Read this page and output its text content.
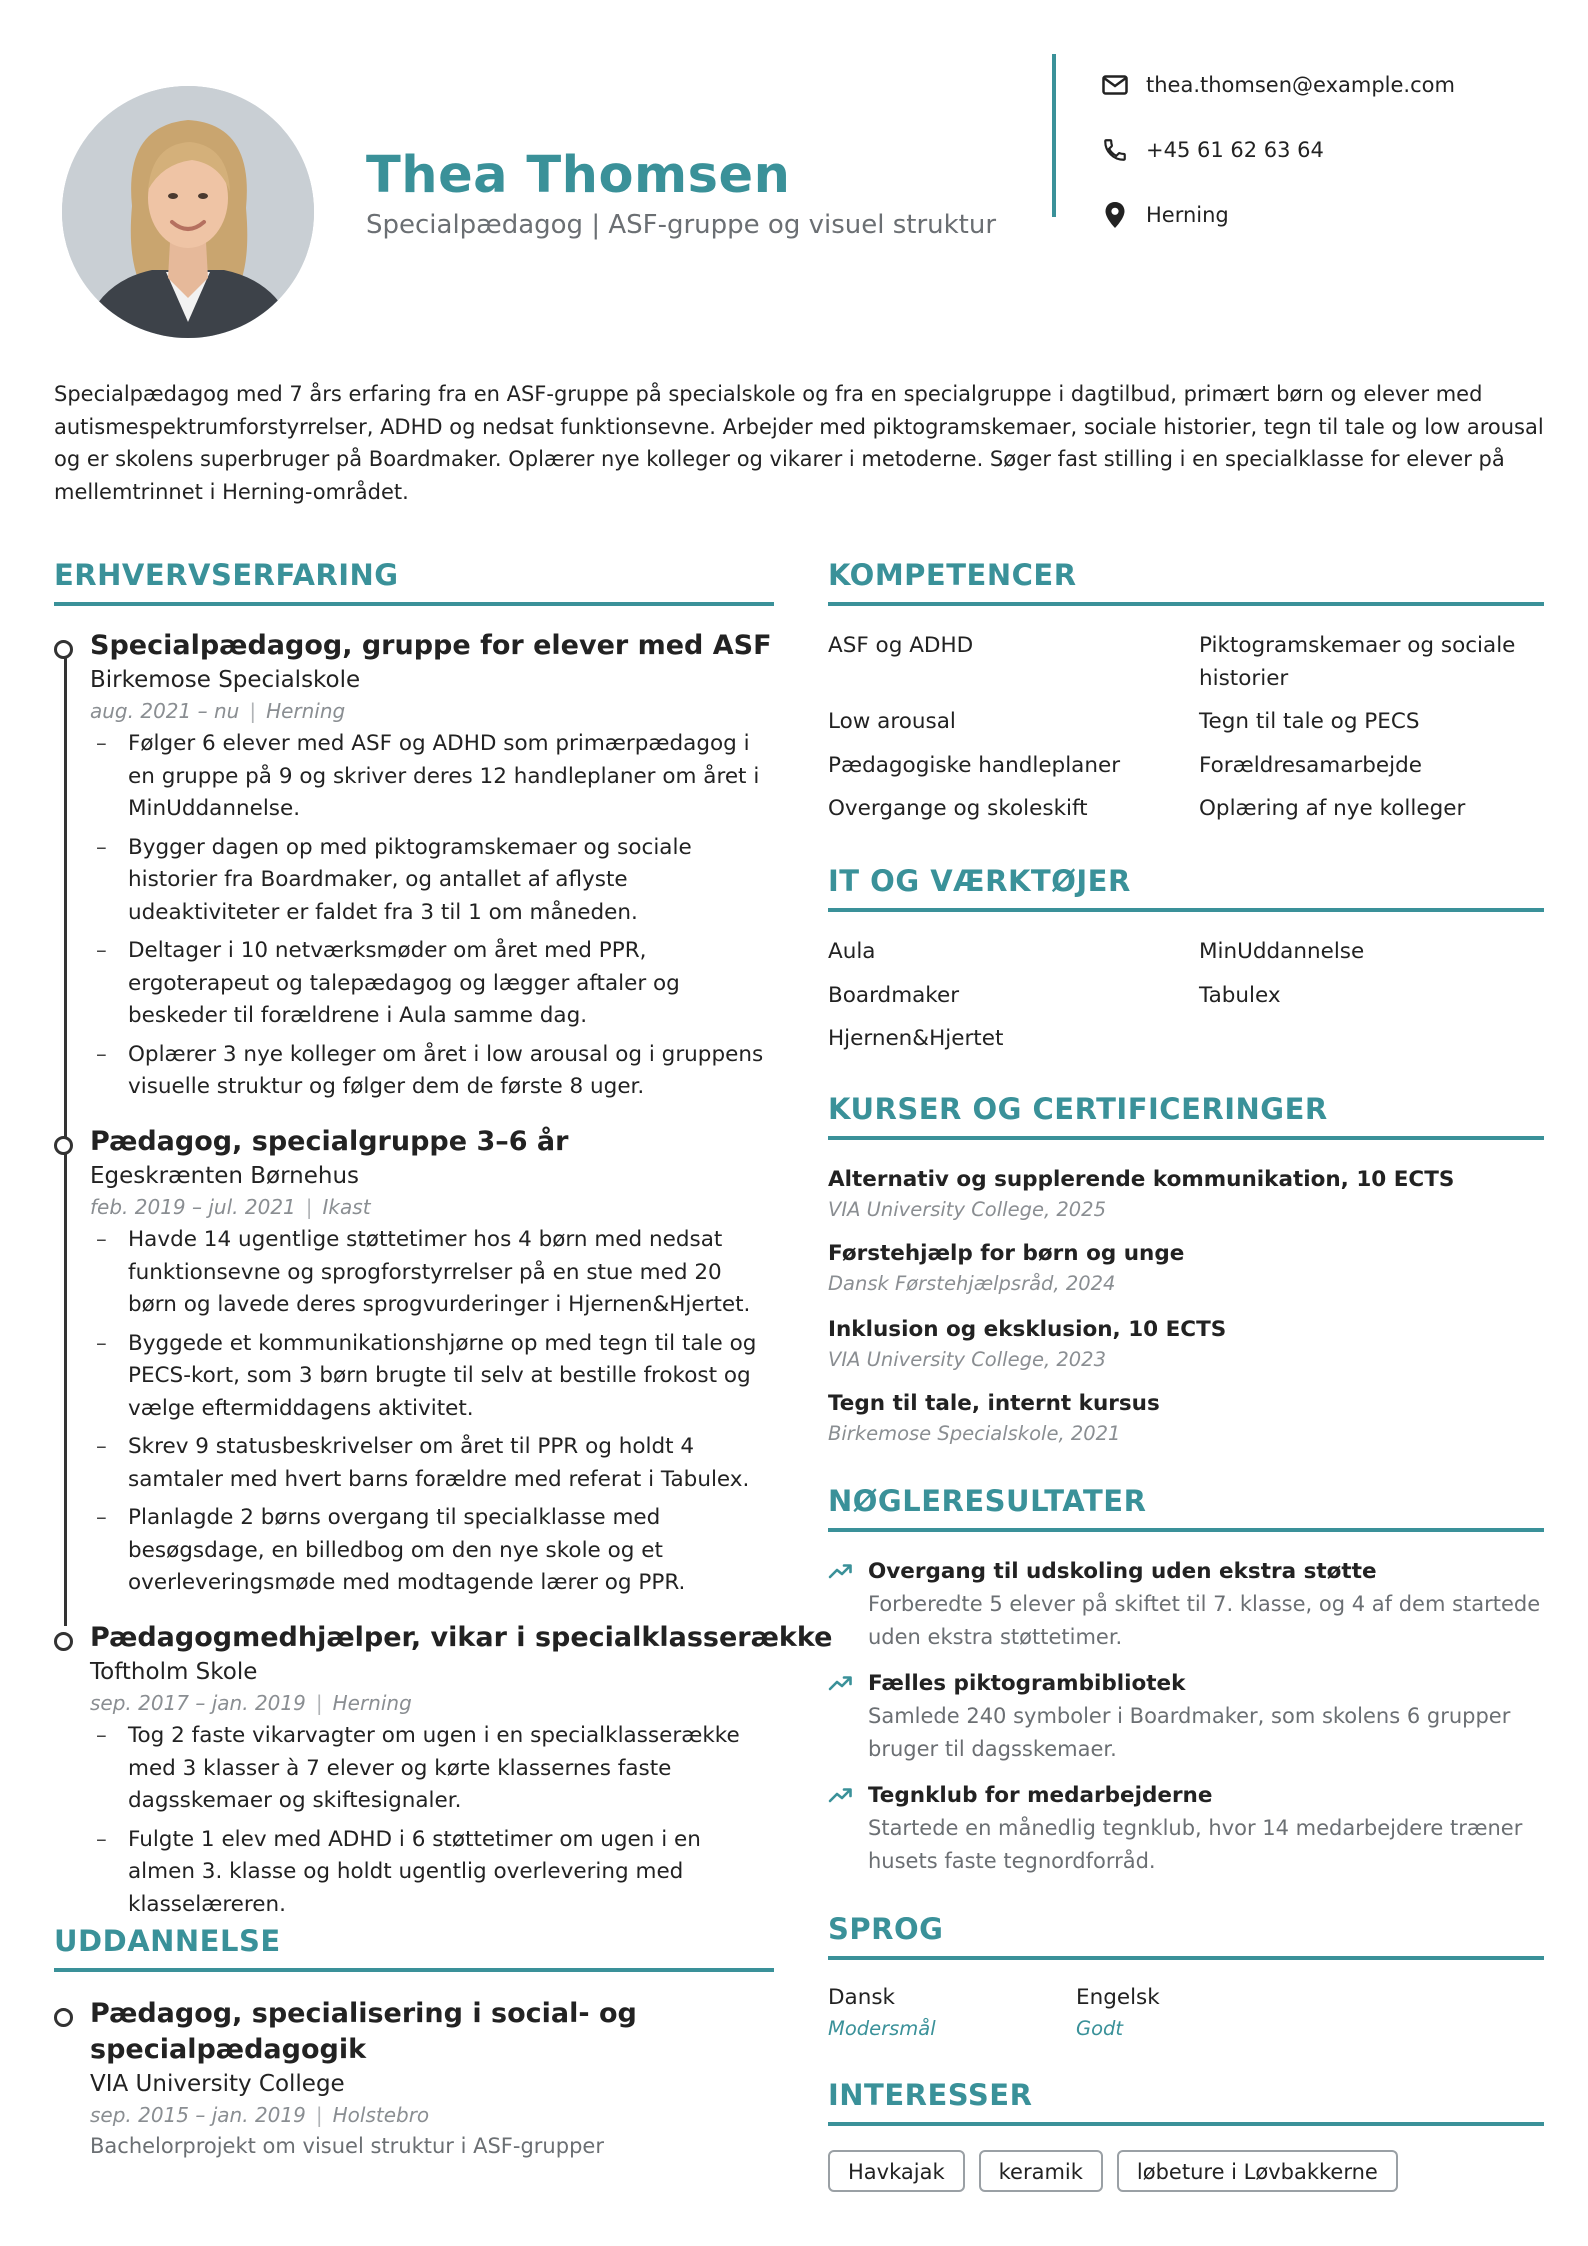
Thea Thomsen
Specialpædagog | ASF-gruppe og visuel struktur
thea.thomsen@example.com
+45 61 62 63 64
Herning
Specialpædagog med 7 års erfaring fra en ASF-gruppe på specialskole og fra en specialgruppe i dagtilbud, primært børn og elever med autismespektrumforstyrrelser, ADHD og nedsat funktionsevne. Arbejder med piktogramskemaer, sociale historier, tegn til tale og low arousal og er skolens superbruger på Boardmaker. Oplærer nye kolleger og vikarer i metoderne. Søger fast stilling i en specialklasse for elever på mellemtrinnet i Herning-området.
ERHVERVSERFARING
Specialpædagog, gruppe for elever med ASF
Birkemose Specialskole
aug. 2021 – nu | Herning
– Følger 6 elever med ASF og ADHD som primærpædagog i en gruppe på 9 og skriver deres 12 handleplaner om året i MinUddannelse.
– Bygger dagen op med piktogramskemaer og sociale historier fra Boardmaker, og antallet af aflyste udeaktiviteter er faldet fra 3 til 1 om måneden.
– Deltager i 10 netværksmøder om året med PPR, ergoterapeut og talepædagog og lægger aftaler og beskeder til forældrene i Aula samme dag.
– Oplærer 3 nye kolleger om året i low arousal og i gruppens visuelle struktur og følger dem de første 8 uger.
Pædagog, specialgruppe 3–6 år
Egeskrænten Børnehus
feb. 2019 – jul. 2021 | Ikast
– Havde 14 ugentlige støttetimer hos 4 børn med nedsat funktionsevne og sprogforstyrrelser på en stue med 20 børn og lavede deres sprogvurderinger i Hjernen&Hjertet.
– Byggede et kommunikationshjørne op med tegn til tale og PECS-kort, som 3 børn brugte til selv at bestille frokost og vælge eftermiddagens aktivitet.
– Skrev 9 statusbeskrivelser om året til PPR og holdt 4 samtaler med hvert barns forældre med referat i Tabulex.
– Planlagde 2 børns overgang til specialklasse med besøgsdage, en billedbog om den nye skole og et overleveringsmøde med modtagende lærer og PPR.
Pædagogmedhjælper, vikar i specialklasserække
Toftholm Skole
sep. 2017 – jan. 2019 | Herning
– Tog 2 faste vikarvagter om ugen i en specialklasserække med 3 klasser à 7 elever og kørte klassernes faste dagsskemaer og skiftesignaler.
– Fulgte 1 elev med ADHD i 6 støttetimer om ugen i en almen 3. klasse og holdt ugentlig overlevering med klasselæreren.
UDDANNELSE
Pædagog, specialisering i social- og
specialpædagogik
VIA University College
sep. 2015 – jan. 2019 | Holstebro
Bachelorprojekt om visuel struktur i ASF-grupper
KOMPETENCER
ASF og ADHD	Piktogramskemaer og sociale historier
Low arousal	Tegn til tale og PECS
Pædagogiske handleplaner	Forældresamarbejde
Overgange og skoleskift	Oplæring af nye kolleger
IT OG VÆRKTØJER
Aula	MinUddannelse
Boardmaker	Tabulex
Hjernen&Hjertet
KURSER OG CERTIFICERINGER
Alternativ og supplerende kommunikation, 10 ECTS
VIA University College, 2025
Førstehjælp for børn og unge
Dansk Førstehjælpsråd, 2024
Inklusion og eksklusion, 10 ECTS
VIA University College, 2023
Tegn til tale, internt kursus
Birkemose Specialskole, 2021
NØGLERESULTATER
Overgang til udskoling uden ekstra støtte
Forberedte 5 elever på skiftet til 7. klasse, og 4 af dem startede uden ekstra støttetimer.
Fælles piktogrambibliotek
Samlede 240 symboler i Boardmaker, som skolens 6 grupper bruger til dagsskemaer.
Tegnklub for medarbejderne
Startede en månedlig tegnklub, hvor 14 medarbejdere træner husets faste tegnordforråd.
SPROG
Dansk
Modersmål
Engelsk
Godt
INTERESSER
Havkajak	keramik	løbeture i Løvbakkerne
